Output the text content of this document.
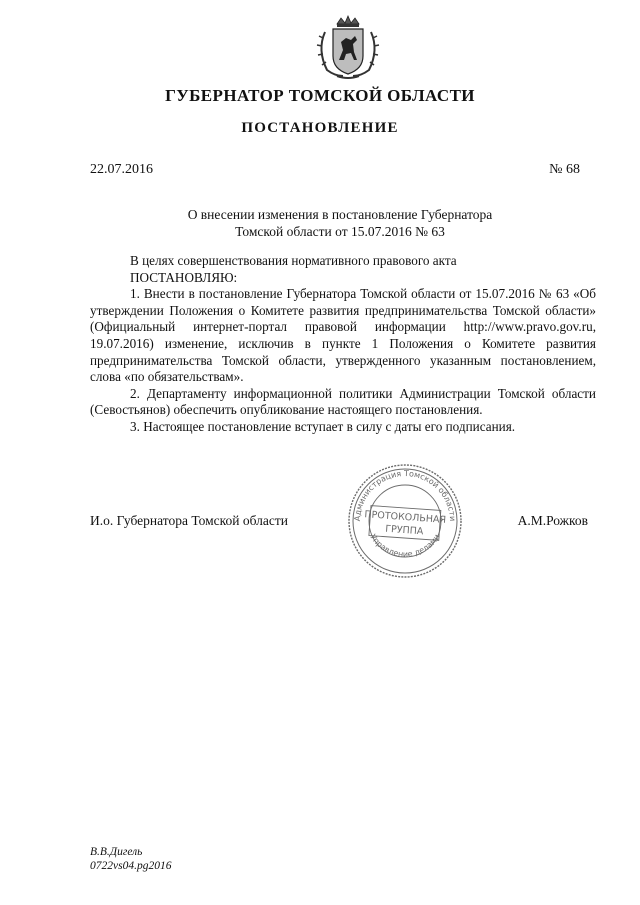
ГУБЕРНАТОР ТОМСКОЙ ОБЛАСТИ
ПОСТАНОВЛЕНИЕ
22.07.2016	№ 68
О внесении изменения в постановление Губернатора
Томской области от 15.07.2016 № 63

В целях совершенствования нормативного правового акта

ПОСТАНОВЛЯЮ:

1. Внести в постановление Губернатора Томской области от 15.07.2016 № 63 «Об утверждении Положения о Комитете развития предпринимательства Томской области» (Официальный интернет-портал правовой информации http://www.pravo.gov.ru, 19.07.2016) изменение, исключив в пункте 1 Положения о Комитете развития предпринимательства Томской области, утвержденного указанным постановлением, слова «по обязательствам».

2. Департаменту информационной политики Администрации Томской области (Севостьянов) обеспечить опубликование настоящего постановления.

3. Настоящее постановление вступает в силу с даты его подписания.

Администрация Томской области
Управление делами
ПРОТОКОЛЬНАЯ
ГРУППА
И.о. Губернатора Томской области	А.М.Рожков
В.В.Дигель
0722vs04.pg2016
